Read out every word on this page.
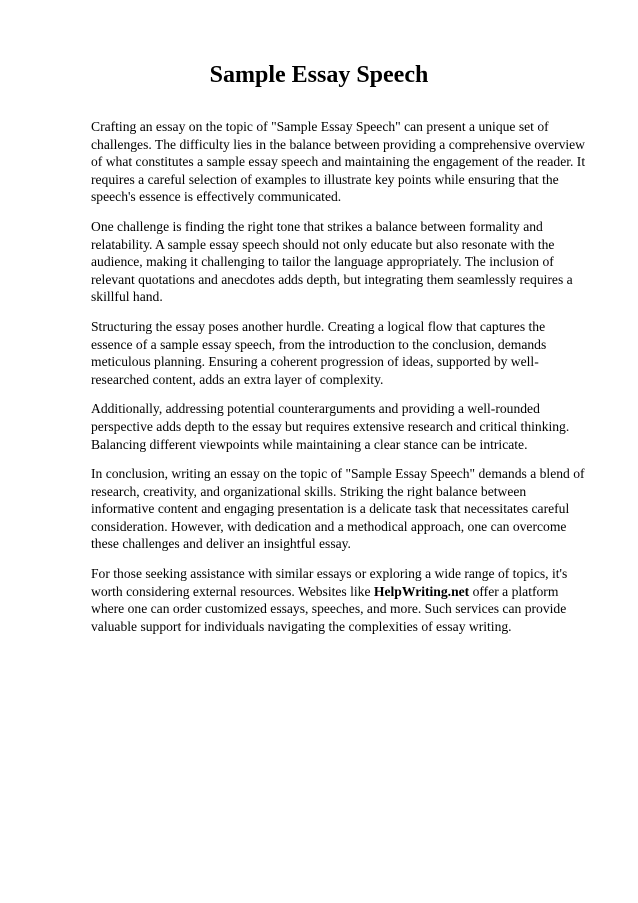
Sample Essay Speech

Crafting an essay on the topic of "Sample Essay Speech" can present a unique set of challenges. The difficulty lies in the balance between providing a comprehensive overview of what constitutes a sample essay speech and maintaining the engagement of the reader. It requires a careful selection of examples to illustrate key points while ensuring that the speech's essence is effectively communicated.

One challenge is finding the right tone that strikes a balance between formality and relatability. A sample essay speech should not only educate but also resonate with the audience, making it challenging to tailor the language appropriately. The inclusion of relevant quotations and anecdotes adds depth, but integrating them seamlessly requires a skillful hand.

Structuring the essay poses another hurdle. Creating a logical flow that captures the essence of a sample essay speech, from the introduction to the conclusion, demands meticulous planning. Ensuring a coherent progression of ideas, supported by well-researched content, adds an extra layer of complexity.

Additionally, addressing potential counterarguments and providing a well-rounded perspective adds depth to the essay but requires extensive research and critical thinking. Balancing different viewpoints while maintaining a clear stance can be intricate.

In conclusion, writing an essay on the topic of "Sample Essay Speech" demands a blend of research, creativity, and organizational skills. Striking the right balance between informative content and engaging presentation is a delicate task that necessitates careful consideration. However, with dedication and a methodical approach, one can overcome these challenges and deliver an insightful essay.

For those seeking assistance with similar essays or exploring a wide range of topics, it's worth considering external resources. Websites like HelpWriting.net offer a platform where one can order customized essays, speeches, and more. Such services can provide valuable support for individuals navigating the complexities of essay writing.
